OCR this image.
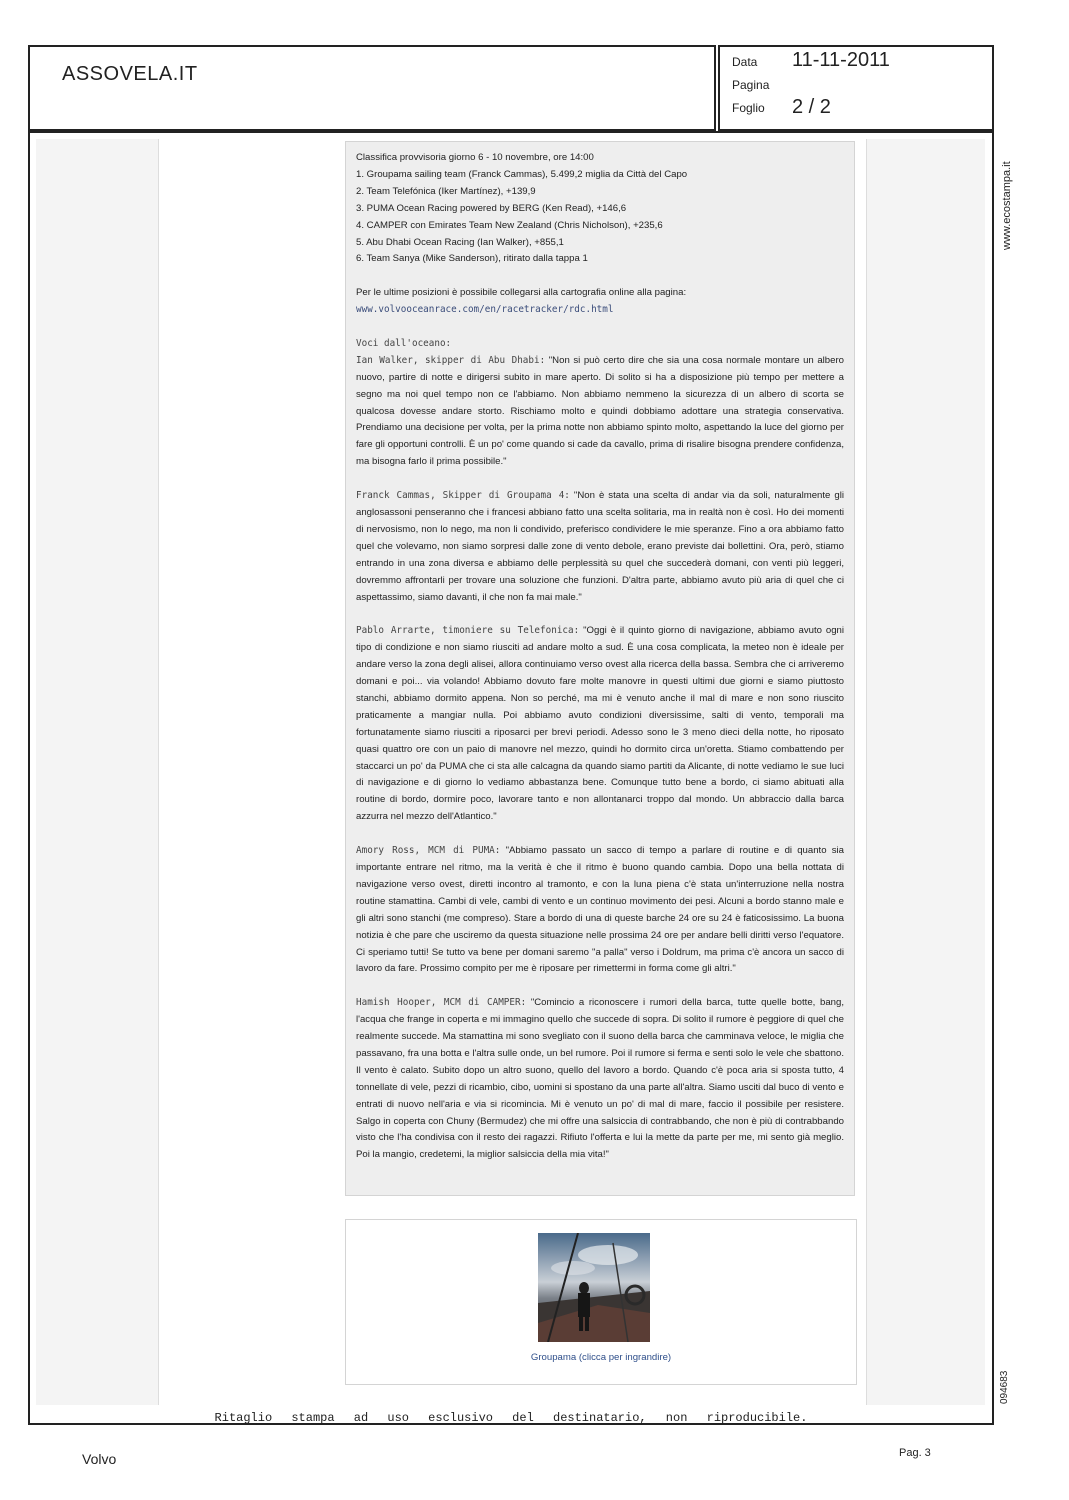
ASSOVELA.IT
Data 11-11-2011
Pagina
Foglio 2 / 2

Classifica provvisoria giorno 6 - 10 novembre, ore 14:00
1. Groupama sailing team (Franck Cammas), 5.499,2 miglia da Città del Capo
2. Team Telefónica (Iker Martínez), +139,9
3. PUMA Ocean Racing powered by BERG (Ken Read), +146,6
4. CAMPER con Emirates Team New Zealand (Chris Nicholson), +235,6
5. Abu Dhabi Ocean Racing (Ian Walker), +855,1
6. Team Sanya (Mike Sanderson), ritirato dalla tappa 1

Per le ultime posizioni è possibile collegarsi alla cartografia online alla pagina:
www.volvooceanrace.com/en/racetracker/rdc.html

Voci dall'oceano:
Ian Walker, skipper di Abu Dhabi: "Non si può certo dire che sia una cosa normale montare un albero nuovo, partire di notte e dirigersi subito in mare aperto. Di solito si ha a disposizione più tempo per mettere a segno ma noi quel tempo non ce l'abbiamo. Non abbiamo nemmeno la sicurezza di un albero di scorta se qualcosa dovesse andare storto. Rischiamo molto e quindi dobbiamo adottare una strategia conservativa. Prendiamo una decisione per volta, per la prima notte non abbiamo spinto molto, aspettando la luce del giorno per fare gli opportuni controlli. È un po' come quando si cade da cavallo, prima di risalire bisogna prendere confidenza, ma bisogna farlo il prima possibile."

Franck Cammas, Skipper di Groupama 4: "Non è stata una scelta di andar via da soli, naturalmente gli anglosassoni penseranno che i francesi abbiano fatto una scelta solitaria, ma in realtà non è così. Ho dei momenti di nervosismo, non lo nego, ma non li condivido, preferisco condividere le mie speranze. Fino a ora abbiamo fatto quel che volevamo, non siamo sorpresi dalle zone di vento debole, erano previste dai bollettini. Ora, però, stiamo entrando in una zona diversa e abbiamo delle perplessità su quel che succederà domani, con venti più leggeri, dovremmo affrontarli per trovare una soluzione che funzioni. D'altra parte, abbiamo avuto più aria di quel che ci aspettassimo, siamo davanti, il che non fa mai male."

Pablo Arrarte, timoniere su Telefonica: "Oggi è il quinto giorno di navigazione, abbiamo avuto ogni tipo di condizione e non siamo riusciti ad andare molto a sud. È una cosa complicata, la meteo non è ideale per andare verso la zona degli alisei, allora continuiamo verso ovest alla ricerca della bassa. Sembra che ci arriveremo domani e poi... via volando! Abbiamo dovuto fare molte manovre in questi ultimi due giorni e siamo piuttosto stanchi, abbiamo dormito appena. Non so perché, ma mi è venuto anche il mal di mare e non sono riuscito praticamente a mangiar nulla. Poi abbiamo avuto condizioni diversissime, salti di vento, temporali ma fortunatamente siamo riusciti a riposarci per brevi periodi. Adesso sono le 3 meno dieci della notte, ho riposato quasi quattro ore con un paio di manovre nel mezzo, quindi ho dormito circa un'oretta. Stiamo combattendo per staccarci un po' da PUMA che ci sta alle calcagna da quando siamo partiti da Alicante, di notte vediamo le sue luci di navigazione e di giorno lo vediamo abbastanza bene. Comunque tutto bene a bordo, ci siamo abituati alla routine di bordo, dormire poco, lavorare tanto e non allontanarci troppo dal mondo. Un abbraccio dalla barca azzurra nel mezzo dell'Atlantico."

Amory Ross, MCM di PUMA: "Abbiamo passato un sacco di tempo a parlare di routine e di quanto sia importante entrare nel ritmo, ma la verità è che il ritmo è buono quando cambia. Dopo una bella nottata di navigazione verso ovest, diretti incontro al tramonto, e con la luna piena c'è stata un'interruzione nella nostra routine stamattina. Cambi di vele, cambi di vento e un continuo movimento dei pesi. Alcuni a bordo stanno male e gli altri sono stanchi (me compreso). Stare a bordo di una di queste barche 24 ore su 24 è faticosissimo. La buona notizia è che pare che usciremo da questa situazione nelle prossima 24 ore per andare belli diritti verso l'equatore. Ci speriamo tutti! Se tutto va bene per domani saremo "a palla" verso i Doldrum, ma prima c'è ancora un sacco di lavoro da fare. Prossimo compito per me è riposare per rimettermi in forma come gli altri."

Hamish Hooper, MCM di CAMPER: "Comincio a riconoscere i rumori della barca, tutte quelle botte, bang, l'acqua che frange in coperta e mi immagino quello che succede di sopra. Di solito il rumore è peggiore di quel che realmente succede. Ma stamattina mi sono svegliato con il suono della barca che camminava veloce, le miglia che passavano, fra una botta e l'altra sulle onde, un bel rumore. Poi il rumore si ferma e senti solo le vele che sbattono. Il vento è calato. Subito dopo un altro suono, quello del lavoro a bordo. Quando c'è poca aria si sposta tutto, 4 tonnellate di vele, pezzi di ricambio, cibo, uomini si spostano da una parte all'altra. Siamo usciti dal buco di vento e entrati di nuovo nell'aria e via si ricomincia. Mi è venuto un po' di mal di mare, faccio il possibile per resistere. Salgo in coperta con Chuny (Bermudez) che mi offre una salsiccia di contrabbando, che non è più di contrabbando visto che l'ha condivisa con il resto dei ragazzi. Rifiuto l'offerta e lui la mette da parte per me, mi sento già meglio. Poi la mangio, credetemi, la miglior salsiccia della mia vita!"

Groupama (clicca per ingrandire)
Ritaglio stampa ad uso esclusivo del destinatario, non riproducibile.
www.ecostampa.it
094683
Volvo	Pag. 3
